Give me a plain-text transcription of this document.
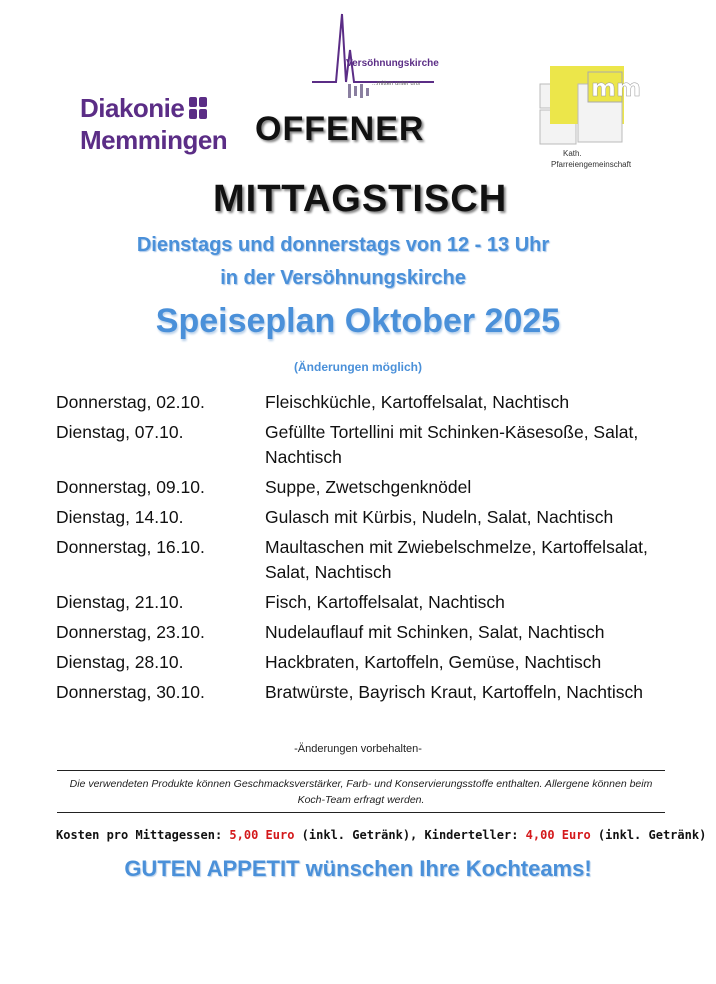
Diakonie
Memmingen
Versöhnungskirche
...mitten unter uns	mm
Kath.
Pfarreiengemeinschaft
OFFENER
MITTAGSTISCH
Dienstags und donnerstags von 12 - 13 Uhr
in der Versöhnungskirche
Speiseplan Oktober 2025
(Änderungen möglich)
Donnerstag, 02.10.	Fleischküchle, Kartoffelsalat, Nachtisch
Dienstag, 07.10.	Gefüllte Tortellini mit Schinken-Käsesoße, Salat, Nachtisch
Donnerstag, 09.10.	Suppe, Zwetschgenknödel
Dienstag, 14.10.	Gulasch mit Kürbis, Nudeln, Salat, Nachtisch
Donnerstag, 16.10.	Maultaschen mit Zwiebelschmelze, Kartoffelsalat, Salat, Nachtisch
Dienstag, 21.10.	Fisch, Kartoffelsalat, Nachtisch
Donnerstag, 23.10.	Nudelauflauf mit Schinken, Salat, Nachtisch
Dienstag, 28.10.	Hackbraten, Kartoffeln, Gemüse, Nachtisch
Donnerstag, 30.10.	Bratwürste, Bayrisch Kraut, Kartoffeln, Nachtisch
-Änderungen vorbehalten-
Die verwendeten Produkte können Geschmacksverstärker, Farb- und Konservierungsstoffe enthalten. Allergene können beim Koch-Team erfragt werden.
Kosten pro Mittagessen: 5,00 Euro (inkl. Getränk), Kinderteller: 4,00 Euro (inkl. Getränk)
GUTEN APPETIT wünschen Ihre Kochteams!
